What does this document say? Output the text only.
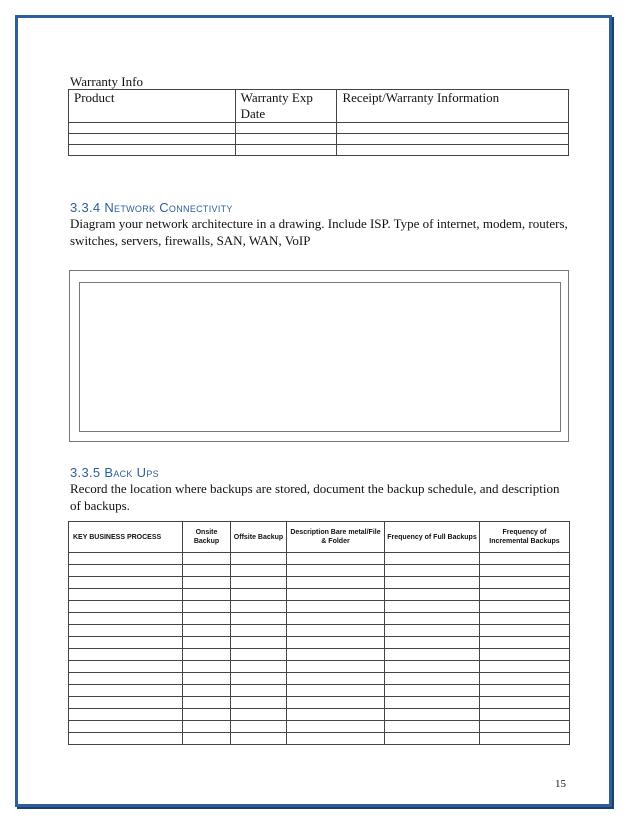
Warranty Info
Product	Warranty Exp Date	Receipt/Warranty Information

3.3.4 Network Connectivity
Diagram your network architecture in a drawing. Include ISP. Type of internet, modem, routers, switches, servers, firewalls, SAN, WAN, VoIP
3.3.5 Back Ups
Record the location where backups are stored, document the backup schedule, and description of backups.
KEY BUSINESS PROCESS	Onsite Backup	Offsite Backup	Description Bare metal/File & Folder	Frequency of Full Backups	Frequency of Incremental Backups

15
